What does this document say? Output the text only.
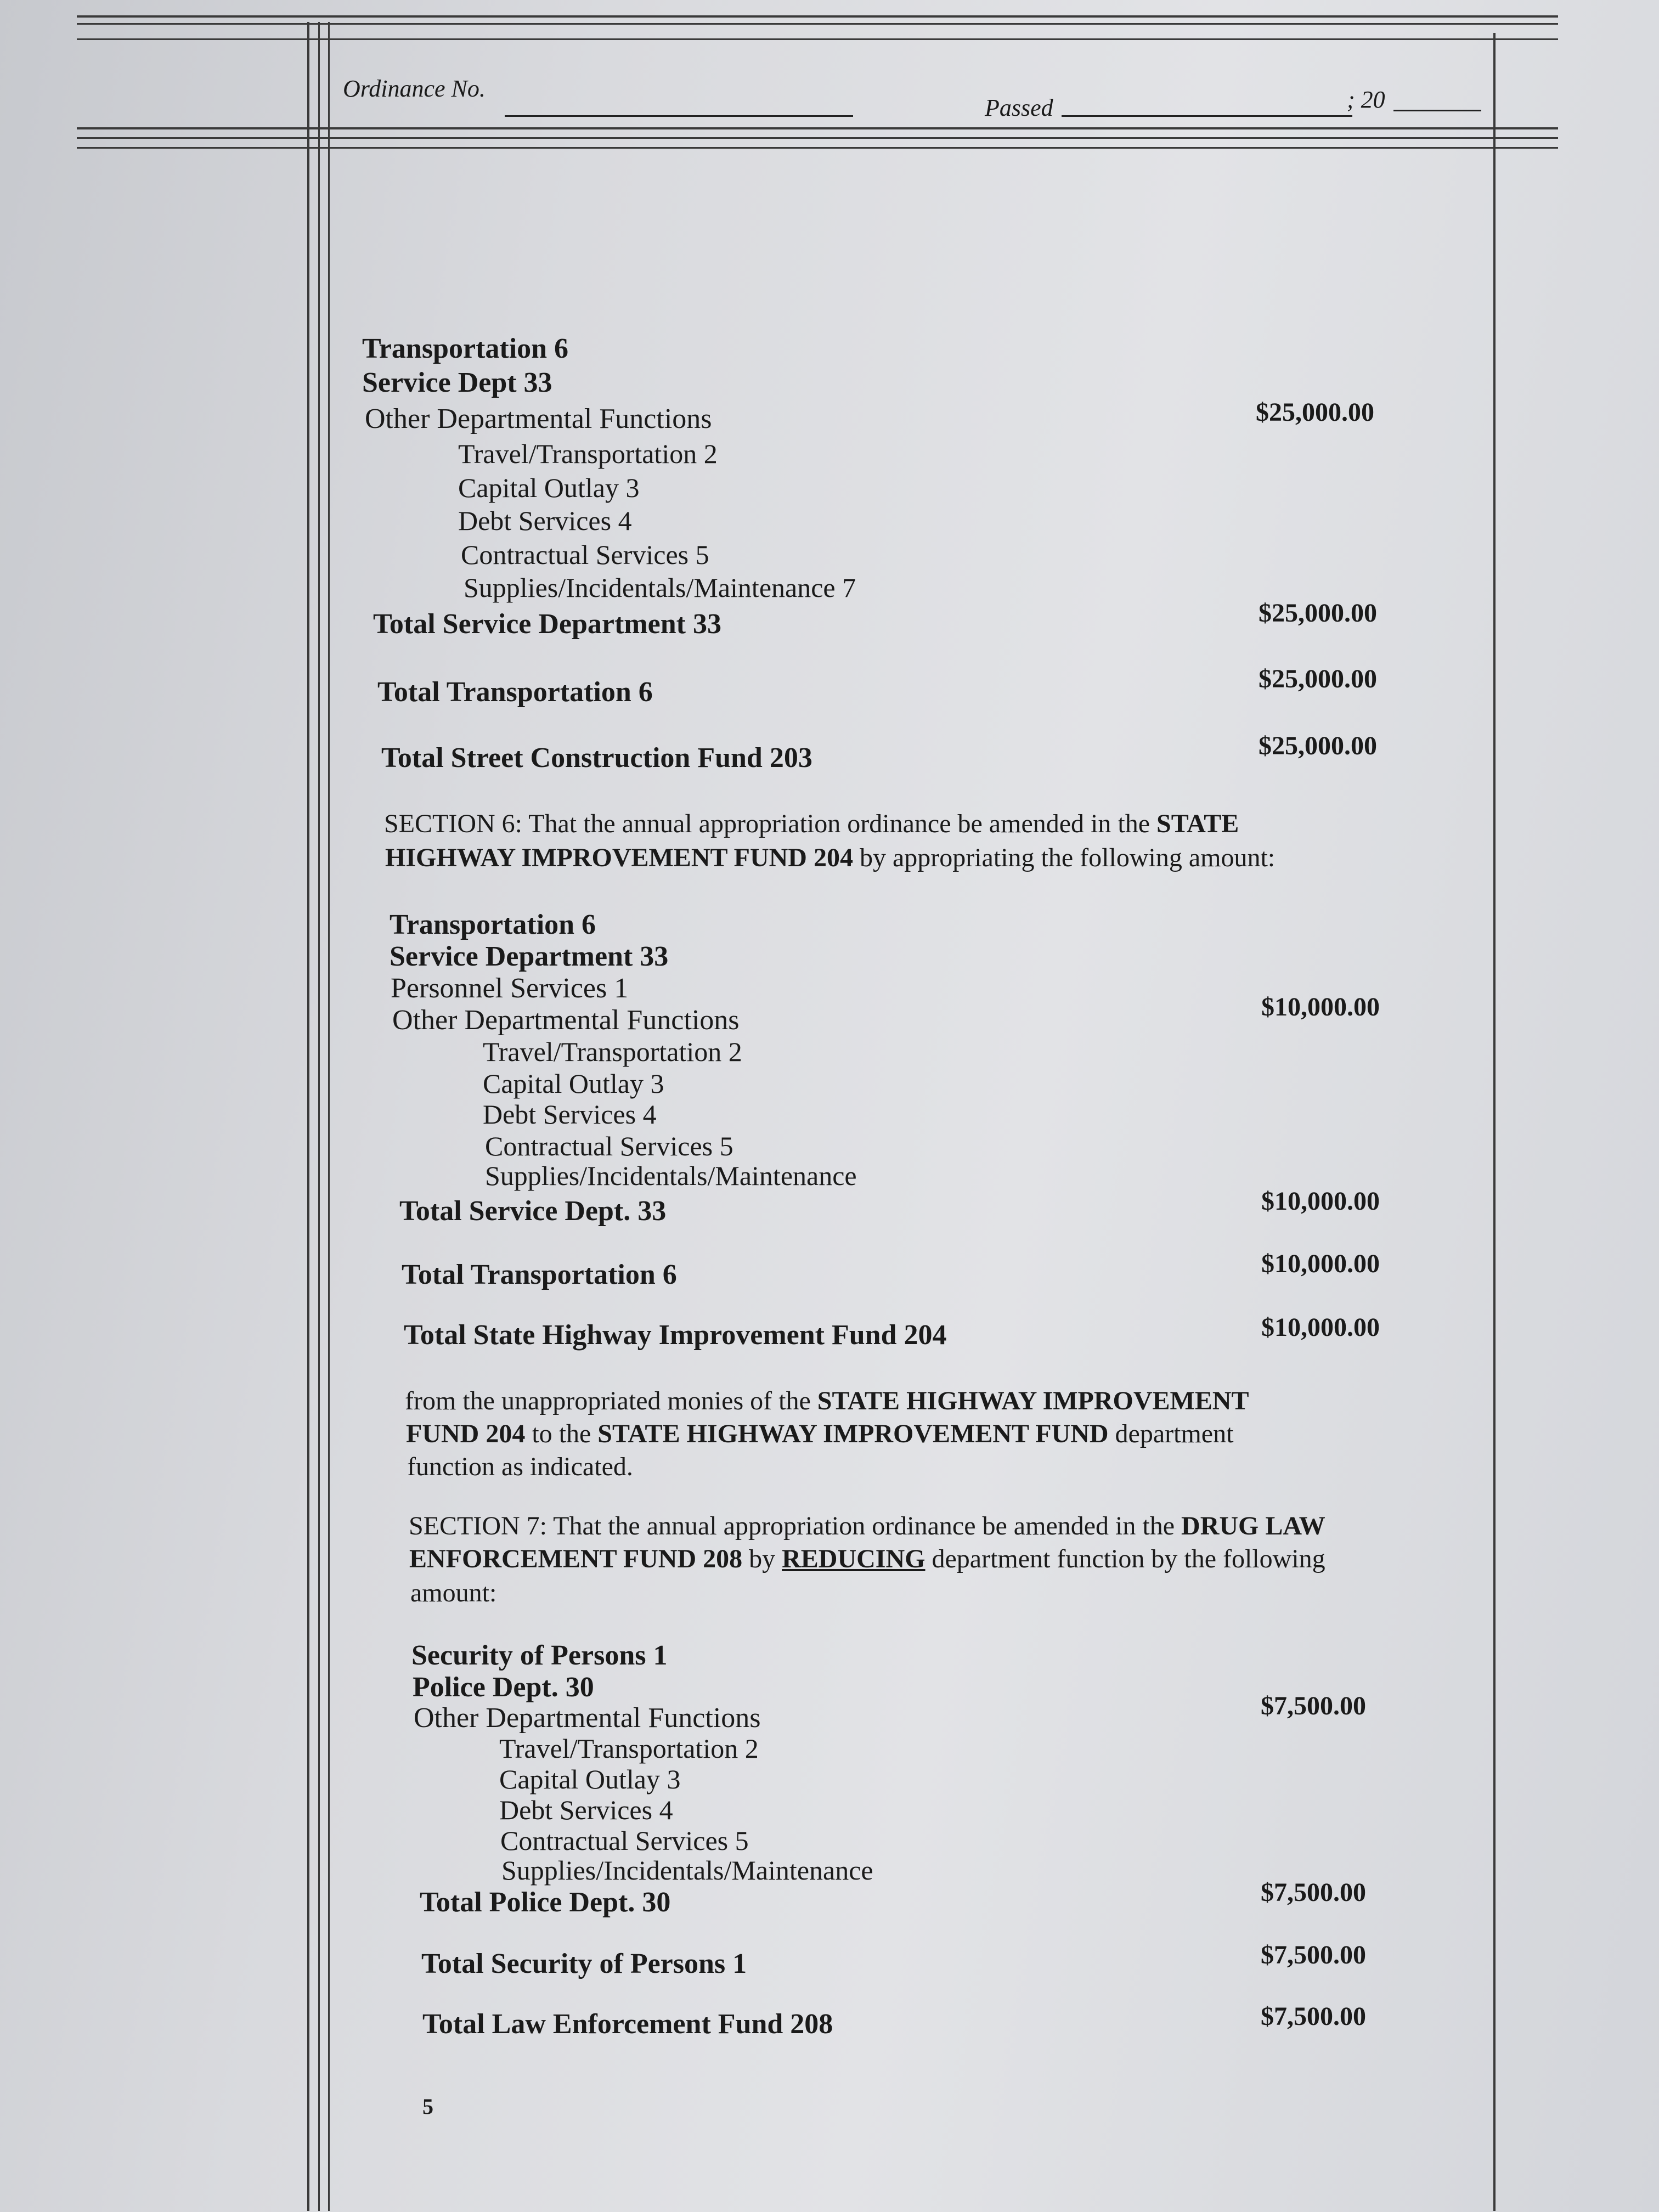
Ordinance No.
Passed	; 20
Transportation 6
Service Dept 33
Other Departmental Functions	$25,000.00
Travel/Transportation 2
Capital Outlay 3
Debt Services 4
Contractual Services 5
Supplies/Incidentals/Maintenance 7
Total Service Department 33	$25,000.00
Total Transportation 6	$25,000.00
Total Street Construction Fund 203	$25,000.00
SECTION 6: That the annual appropriation ordinance be amended in the STATE
HIGHWAY IMPROVEMENT FUND 204 by appropriating the following amount:
Transportation 6
Service Department 33
Personnel Services 1
Other Departmental Functions	$10,000.00
Travel/Transportation 2
Capital Outlay 3
Debt Services 4
Contractual Services 5
Supplies/Incidentals/Maintenance
Total Service Dept. 33	$10,000.00
Total Transportation 6	$10,000.00
Total State Highway Improvement Fund 204	$10,000.00
from the unappropriated monies of the STATE HIGHWAY IMPROVEMENT
FUND 204 to the STATE HIGHWAY IMPROVEMENT FUND department
function as indicated.
SECTION 7: That the annual appropriation ordinance be amended in the DRUG LAW
ENFORCEMENT FUND 208 by REDUCING department function by the following
amount:
Security of Persons 1
Police Dept. 30
Other Departmental Functions	$7,500.00
Travel/Transportation 2
Capital Outlay 3
Debt Services 4
Contractual Services 5
Supplies/Incidentals/Maintenance
Total Police Dept. 30	$7,500.00
Total Security of Persons 1	$7,500.00
Total Law Enforcement Fund 208	$7,500.00
5
